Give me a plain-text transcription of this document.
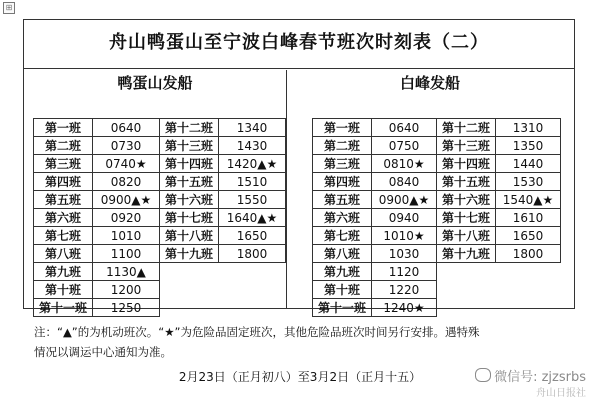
⊞
舟山鸭蛋山至宁波白峰春节班次时刻表（二）
鸭蛋山发船
第一班	0640	第十二班	1340
第二班	0730	第十三班	1430
第三班	0740★	第十四班	1420▲★
第四班	0820	第十五班	1510
第五班	0900▲★	第十六班	1550
第六班	0920	第十七班	1640▲★
第七班	1010	第十八班	1650
第八班	1100	第十九班	1800
第九班	1130▲		
第十班	1200		
第十一班	1250		
白峰发船
第一班	0640	第十二班	1310
第二班	0750	第十三班	1350
第三班	0810★	第十四班	1440
第四班	0840	第十五班	1530
第五班	0900▲★	第十六班	1540▲★
第六班	0940	第十七班	1610
第七班	1010★	第十八班	1650
第八班	1030	第十九班	1800
第九班	1120		
第十班	1220		
第十一班	1240★		
注：“▲”的为机动班次。“★”为危险品固定班次，其他危险品班次时间另行安排。遇特殊
情况以调运中心通知为准。
2月23日（正月初八）至3月2日（正月十五）	微信号: zjzsrbs
舟山日报社
